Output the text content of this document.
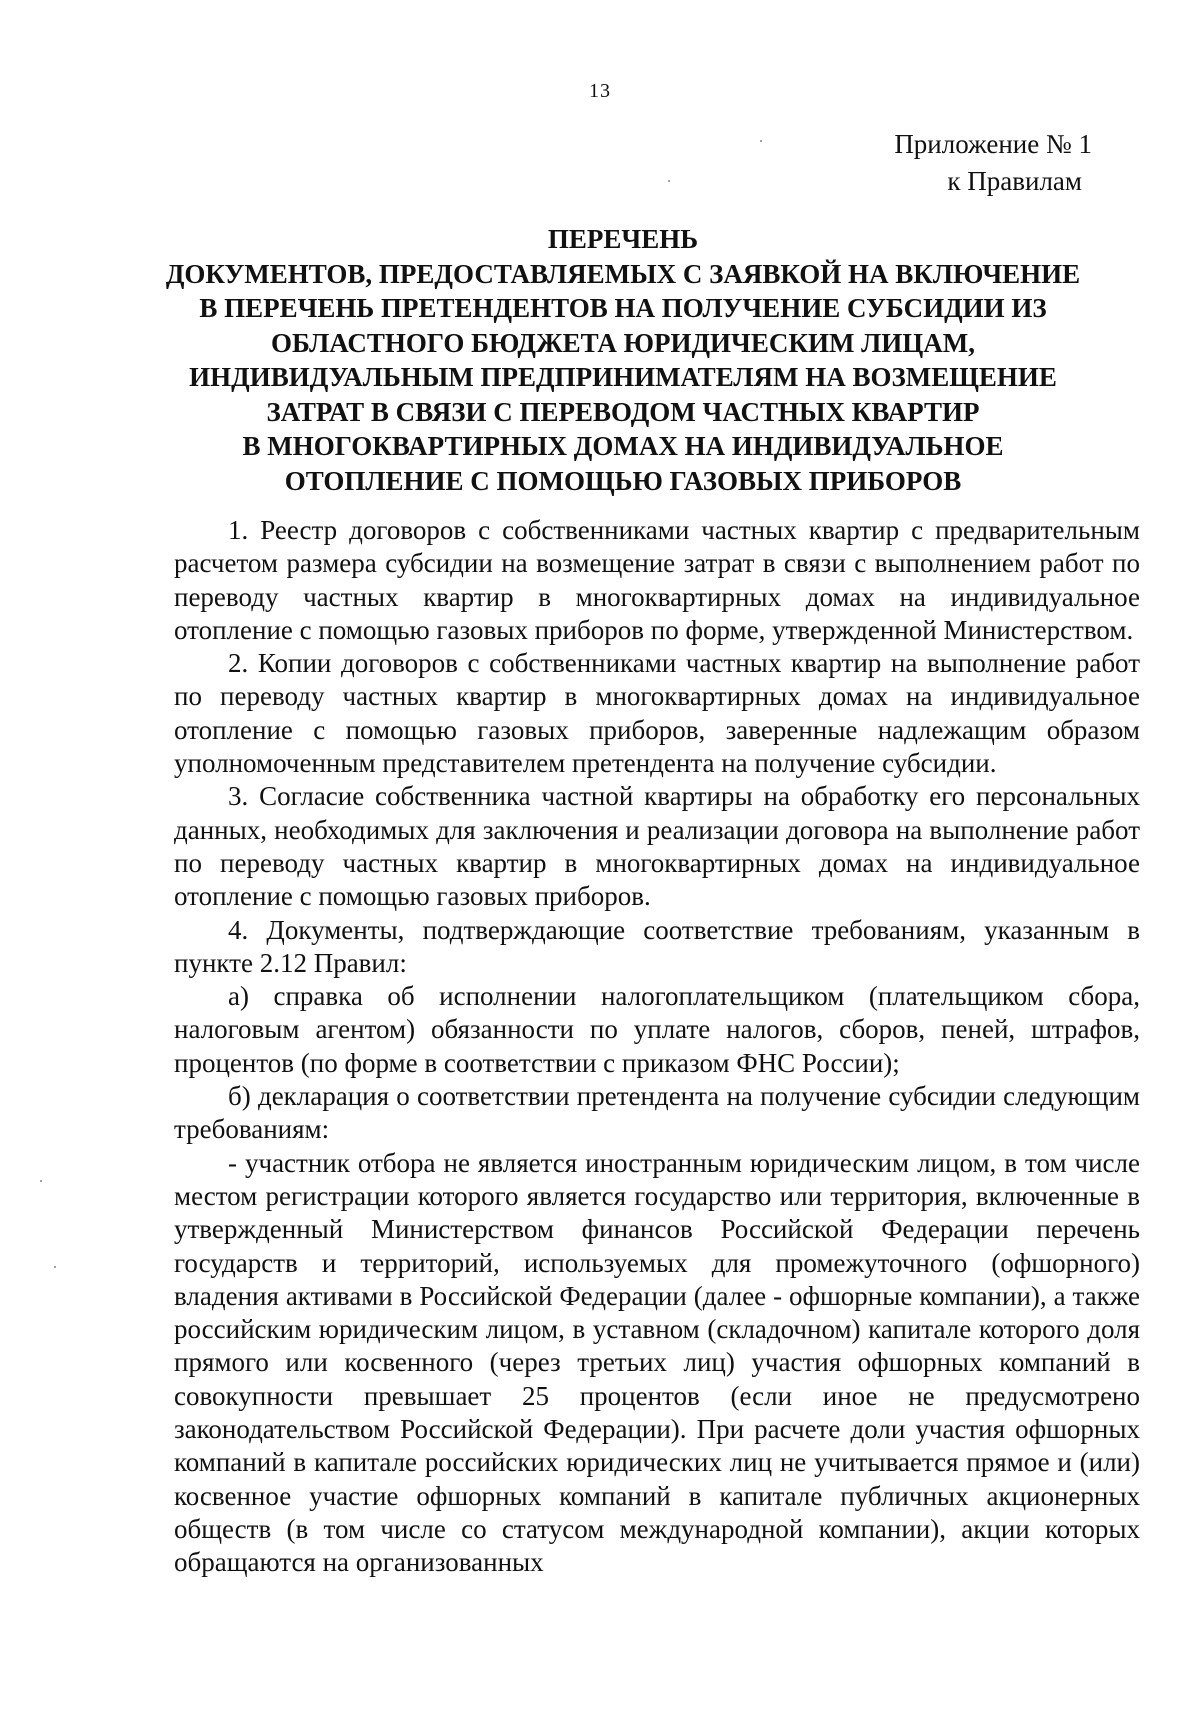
13
Приложение № 1
к Правилам
ПЕРЕЧЕНЬ
ДОКУМЕНТОВ, ПРЕДОСТАВЛЯЕМЫХ С ЗАЯВКОЙ НА ВКЛЮЧЕНИЕ
В ПЕРЕЧЕНЬ ПРЕТЕНДЕНТОВ НА ПОЛУЧЕНИЕ СУБСИДИИ ИЗ
ОБЛАСТНОГО БЮДЖЕТА ЮРИДИЧЕСКИМ ЛИЦАМ,
ИНДИВИДУАЛЬНЫМ ПРЕДПРИНИМАТЕЛЯМ НА ВОЗМЕЩЕНИЕ
ЗАТРАТ В СВЯЗИ С ПЕРЕВОДОМ ЧАСТНЫХ КВАРТИР
В МНОГОКВАРТИРНЫХ ДОМАХ НА ИНДИВИДУАЛЬНОЕ
ОТОПЛЕНИЕ С ПОМОЩЬЮ ГАЗОВЫХ ПРИБОРОВ

1. Реестр договоров с собственниками частных квартир с предварительным расчетом размера субсидии на возмещение затрат в связи с выполнением работ по переводу частных квартир в многоквартирных домах на индивидуальное отопление с помощью газовых приборов по форме, утвержденной Министерством.

2. Копии договоров с собственниками частных квартир на выполнение работ по переводу частных квартир в многоквартирных домах на индивидуальное отопление с помощью газовых приборов, заверенные надлежащим образом уполномоченным представителем претендента на получение субсидии.

3. Согласие собственника частной квартиры на обработку его персональных данных, необходимых для заключения и реализации договора на выполнение работ по переводу частных квартир в многоквартирных домах на индивидуальное отопление с помощью газовых приборов.

4. Документы, подтверждающие соответствие требованиям, указанным в пункте 2.12 Правил:

а) справка об исполнении налогоплательщиком (плательщиком сбора, налоговым агентом) обязанности по уплате налогов, сборов, пеней, штрафов, процентов (по форме в соответствии с приказом ФНС России);

б) декларация о соответствии претендента на получение субсидии следующим требованиям:

- участник отбора не является иностранным юридическим лицом, в том числе местом регистрации которого является государство или территория, включенные в утвержденный Министерством финансов Российской Федерации перечень государств и территорий, используемых для промежуточного (офшорного) владения активами в Российской Федерации (далее - офшорные компании), а также российским юридическим лицом, в уставном (складочном) капитале которого доля прямого или косвенного (через третьих лиц) участия офшорных компаний в совокупности превышает 25 процентов (если иное не предусмотрено законодательством Российской Федерации). При расчете доли участия офшорных компаний в капитале российских юридических лиц не учитывается прямое и (или) косвенное участие офшорных компаний в капитале публичных акционерных обществ (в том числе со статусом международной компании), акции которых обращаются на организованных
